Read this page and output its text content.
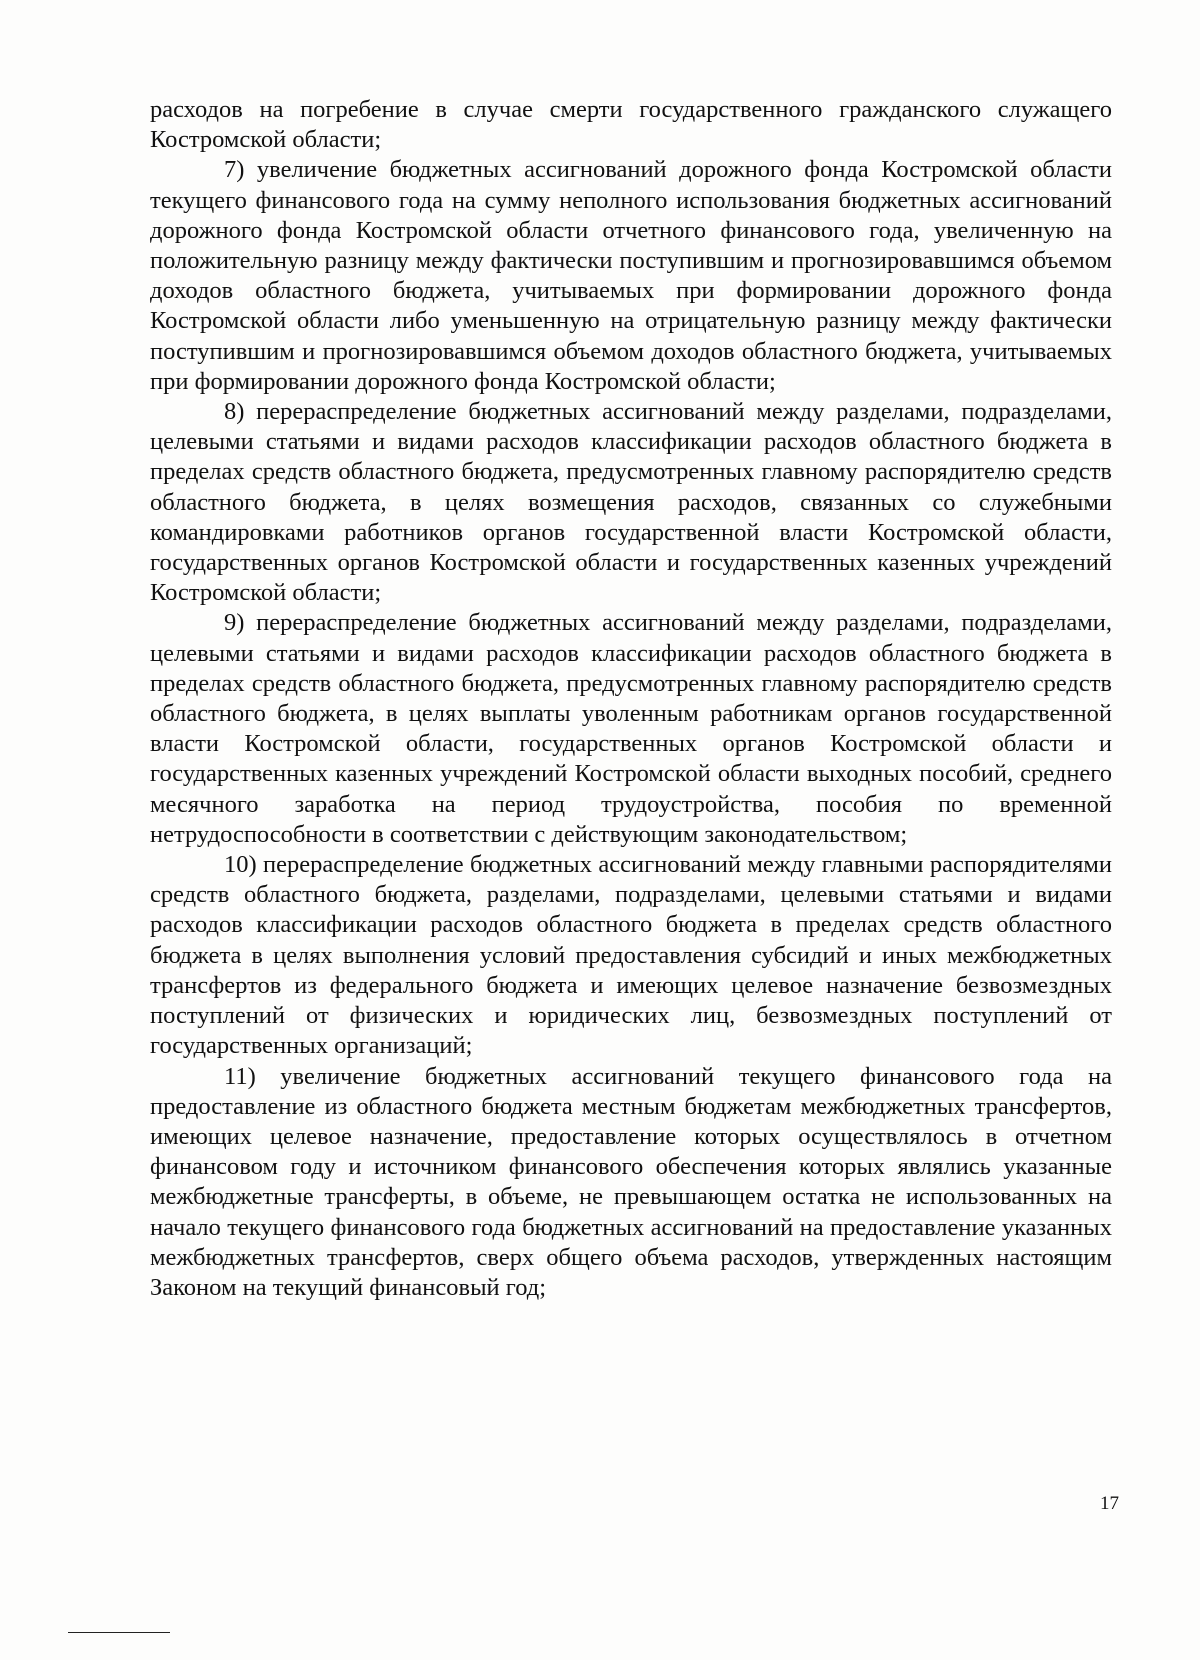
расходов на погребение в случае смерти государственного гражданского служащего Костромской области;

7) увеличение бюджетных ассигнований дорожного фонда Костромской области текущего финансового года на сумму неполного использования бюджетных ассигнований дорожного фонда Костромской области отчетного финансового года, увеличенную на положительную разницу между фактически поступившим и прогнозировавшимся объемом доходов областного бюджета, учитываемых при формировании дорожного фонда Костромской области либо уменьшенную на отрицательную разницу между фактически поступившим и прогнозировавшимся объемом доходов областного бюджета, учитываемых при формировании дорожного фонда Костромской области;

8) перераспределение бюджетных ассигнований между разделами, подразделами, целевыми статьями и видами расходов классификации расходов областного бюджета в пределах средств областного бюджета, предусмотренных главному распорядителю средств областного бюджета, в целях возмещения расходов, связанных со служебными командировками работников органов государственной власти Костромской области, государственных органов Костромской области и государственных казенных учреждений Костромской области;

9) перераспределение бюджетных ассигнований между разделами, подразделами, целевыми статьями и видами расходов классификации расходов областного бюджета в пределах средств областного бюджета, предусмотренных главному распорядителю средств областного бюджета, в целях выплаты уволенным работникам органов государственной власти Костромской области, государственных органов Костромской области и государственных казенных учреждений Костромской области выходных пособий, среднего месячного заработка на период трудоустройства, пособия по временной нетрудоспособности в соответствии с действующим законодательством;

10) перераспределение бюджетных ассигнований между главными распорядителями средств областного бюджета, разделами, подразделами, целевыми статьями и видами расходов классификации расходов областного бюджета в пределах средств областного бюджета в целях выполнения условий предоставления субсидий и иных межбюджетных трансфертов из федерального бюджета и имеющих целевое назначение безвозмездных поступлений от физических и юридических лиц, безвозмездных поступлений от государственных организаций;

11) увеличение бюджетных ассигнований текущего финансового года на предоставление из областного бюджета местным бюджетам межбюджетных трансфертов, имеющих целевое назначение, предоставление которых осуществлялось в отчетном финансовом году и источником финансового обеспечения которых являлись указанные межбюджетные трансферты, в объеме, не превышающем остатка не использованных на начало текущего финансового года бюджетных ассигнований на предоставление указанных межбюджетных трансфертов, сверх общего объема расходов, утвержденных настоящим Законом на текущий финансовый год;

17
